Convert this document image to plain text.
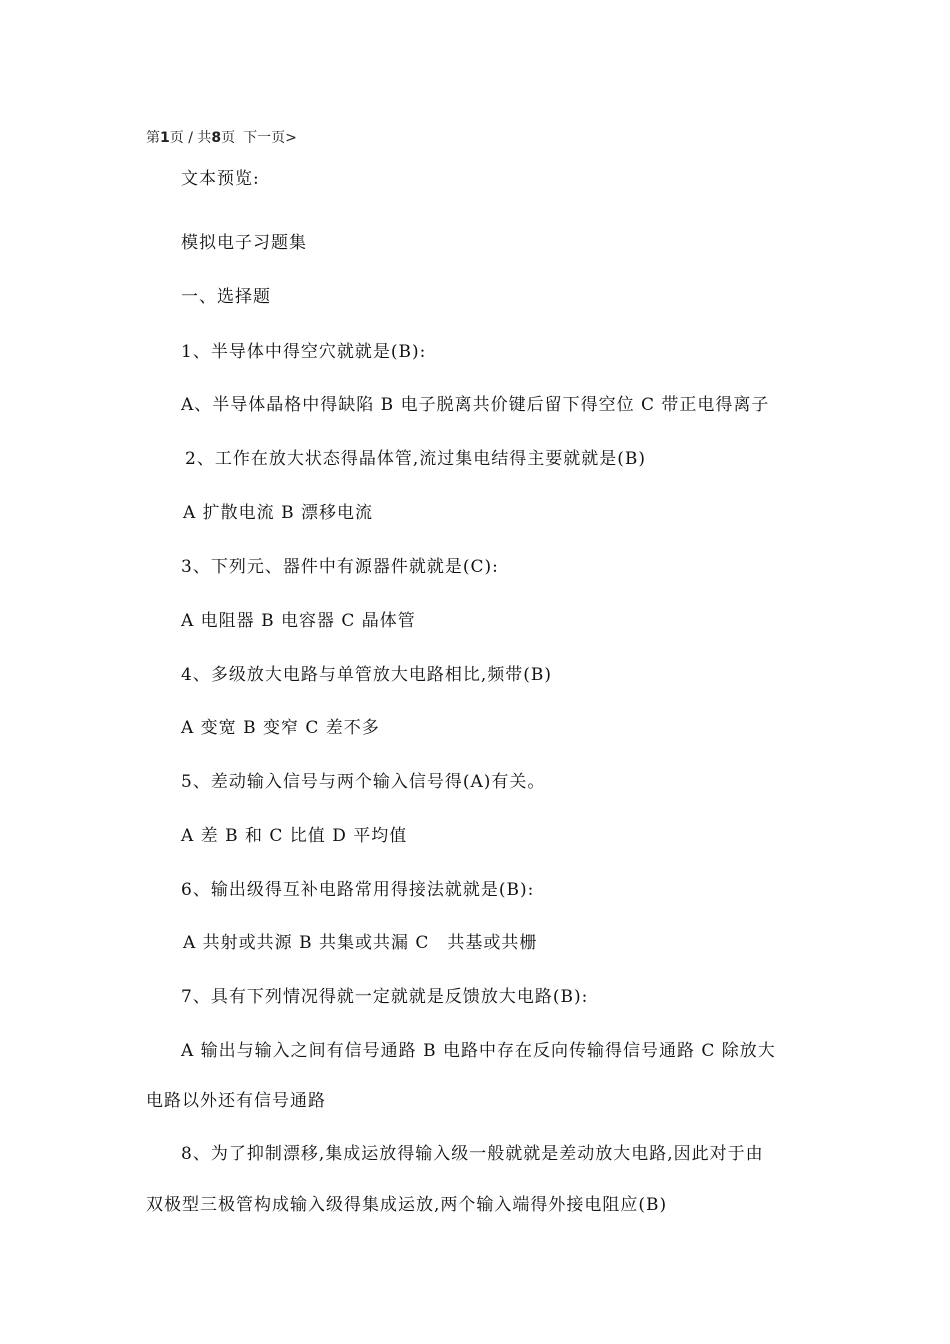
第1页 / 共8页 下一页>
文本预览:
模拟电子习题集
一、选择题
1、半导体中得空穴就就是(B):
A、半导体晶格中得缺陷 B 电子脱离共价键后留下得空位 C 带正电得离子
2、工作在放大状态得晶体管,流过集电结得主要就就是(B)
A 扩散电流 B 漂移电流
3、下列元、器件中有源器件就就是(C):
A 电阻器 B 电容器 C 晶体管
4、多级放大电路与单管放大电路相比,频带(B)
A 变宽 B 变窄 C 差不多
5、差动输入信号与两个输入信号得(A)有关。
A 差 B 和 C 比值 D 平均值
6、输出级得互补电路常用得接法就就是(B):
A 共射或共源 B 共集或共漏 C　共基或共栅
7、具有下列情况得就一定就就是反馈放大电路(B):
A 输出与输入之间有信号通路 B 电路中存在反向传输得信号通路 C 除放大
电路以外还有信号通路
8、为了抑制漂移,集成运放得输入级一般就就是差动放大电路,因此对于由
双极型三极管构成输入级得集成运放,两个输入端得外接电阻应(B)
